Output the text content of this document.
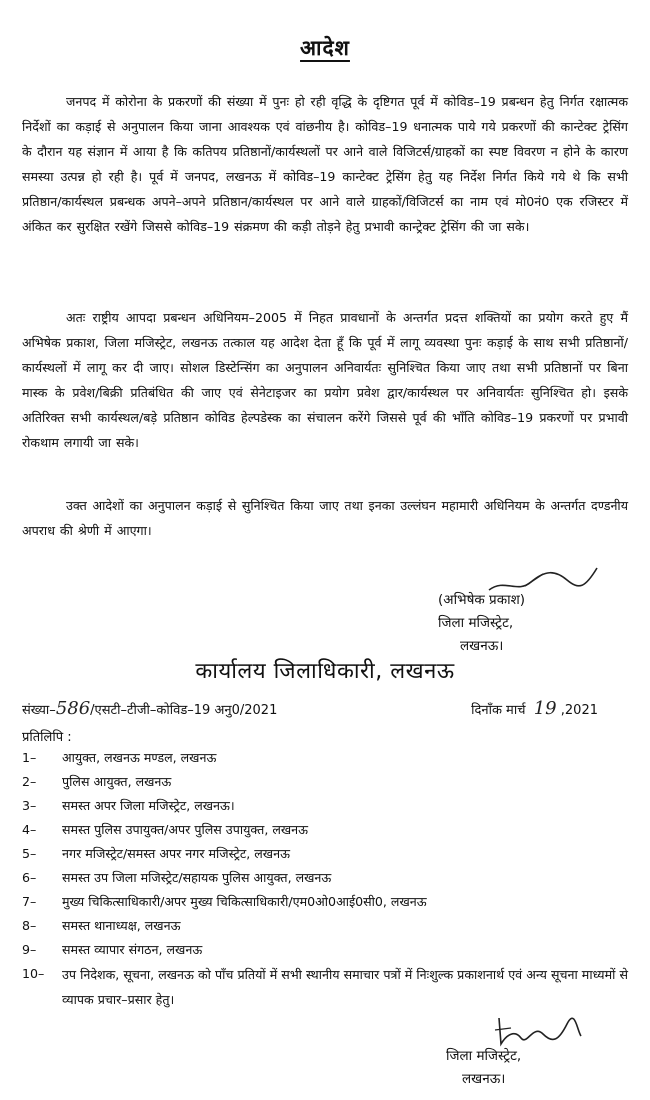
आदेश

जनपद में कोरोना के प्रकरणों की संख्या में पुनः हो रही वृद्धि के दृष्टिगत पूर्व में कोविड–19 प्रबन्धन हेतु निर्गत रक्षात्मक निर्देशों का कड़ाई से अनुपालन किया जाना आवश्यक एवं वांछनीय है। कोविड–19 धनात्मक पाये गये प्रकरणों की कान्टेक्ट ट्रेसिंग के दौरान यह संज्ञान में आया है कि कतिपय प्रतिष्ठानों/कार्यस्थलों पर आने वाले विजिटर्स/ग्राहकों का स्पष्ट विवरण न होने के कारण समस्या उत्पन्न हो रही है। पूर्व में जनपद, लखनऊ में कोविड–19 कान्टेक्ट ट्रेसिंग हेतु यह निर्देश निर्गत किये गये थे कि सभी प्रतिष्ठान/कार्यस्थल प्रबन्धक अपने–अपने प्रतिष्ठान/कार्यस्थल पर आने वाले ग्राहकों/विजिटर्स का नाम एवं मो0नं0 एक रजिस्टर में अंकित कर सुरक्षित रखेंगे जिससे कोविड–19 संक्रमण की कड़ी तोड़ने हेतु प्रभावी कान्ट्रेक्ट ट्रेसिंग की जा सके।

अतः राष्ट्रीय आपदा प्रबन्धन अधिनियम–2005 में निहत प्रावधानों के अन्तर्गत प्रदत्त शक्तियों का प्रयोग करते हुए मैं अभिषेक प्रकाश, जिला मजिस्ट्रेट, लखनऊ तत्काल यह आदेश देता हूँ कि पूर्व में लागू व्यवस्था पुनः कड़ाई के साथ सभी प्रतिष्ठानों/कार्यस्थलों में लागू कर दी जाए। सोशल डिस्टेन्सिंग का अनुपालन अनिवार्यतः सुनिश्चित किया जाए तथा सभी प्रतिष्ठानों पर बिना मास्क के प्रवेश/बिक्री प्रतिबंधित की जाए एवं सेनेटाइजर का प्रयोग प्रवेश द्वार/कार्यस्थल पर अनिवार्यतः सुनिश्चित हो। इसके अतिरिक्त सभी कार्यस्थल/बड़े प्रतिष्ठान कोविड हेल्पडेस्क का संचालन करेंगे जिससे पूर्व की भाँति कोविड–19 प्रकरणों पर प्रभावी रोकथाम लगायी जा सके।

उक्त आदेशों का अनुपालन कड़ाई से सुनिश्चित किया जाए तथा इनका उल्लंघन महामारी अधिनियम के अन्तर्गत दण्डनीय अपराध की श्रेणी में आएगा।

(अभिषेक प्रकाश)
जिला मजिस्ट्रेट,
लखनऊ।
कार्यालय जिलाधिकारी, लखनऊ
संख्या–586/एसटी–टीजी–कोविड–19 अनु0/2021	दिनाँक मार्च 19 ,2021
प्रतिलिपि :
1–	आयुक्त, लखनऊ मण्डल, लखनऊ
2–	पुलिस आयुक्त, लखनऊ
3–	समस्त अपर जिला मजिस्ट्रेट, लखनऊ।
4–	समस्त पुलिस उपायुक्त/अपर पुलिस उपायुक्त, लखनऊ
5–	नगर मजिस्ट्रेट/समस्त अपर नगर मजिस्ट्रेट, लखनऊ
6–	समस्त उप जिला मजिस्ट्रेट/सहायक पुलिस आयुक्त, लखनऊ
7–	मुख्य चिकित्साधिकारी/अपर मुख्य चिकित्साधिकारी/एम0ओ0आई0सी0, लखनऊ
8–	समस्त थानाध्यक्ष, लखनऊ
9–	समस्त व्यापार संगठन, लखनऊ
10–	उप निदेशक, सूचना, लखनऊ को पाँच प्रतियों में सभी स्थानीय समाचार पत्रों में निःशुल्क प्रकाशनार्थ एवं अन्य सूचना माध्यमों से व्यापक प्रचार–प्रसार हेतु।
जिला मजिस्ट्रेट,
लखनऊ।
